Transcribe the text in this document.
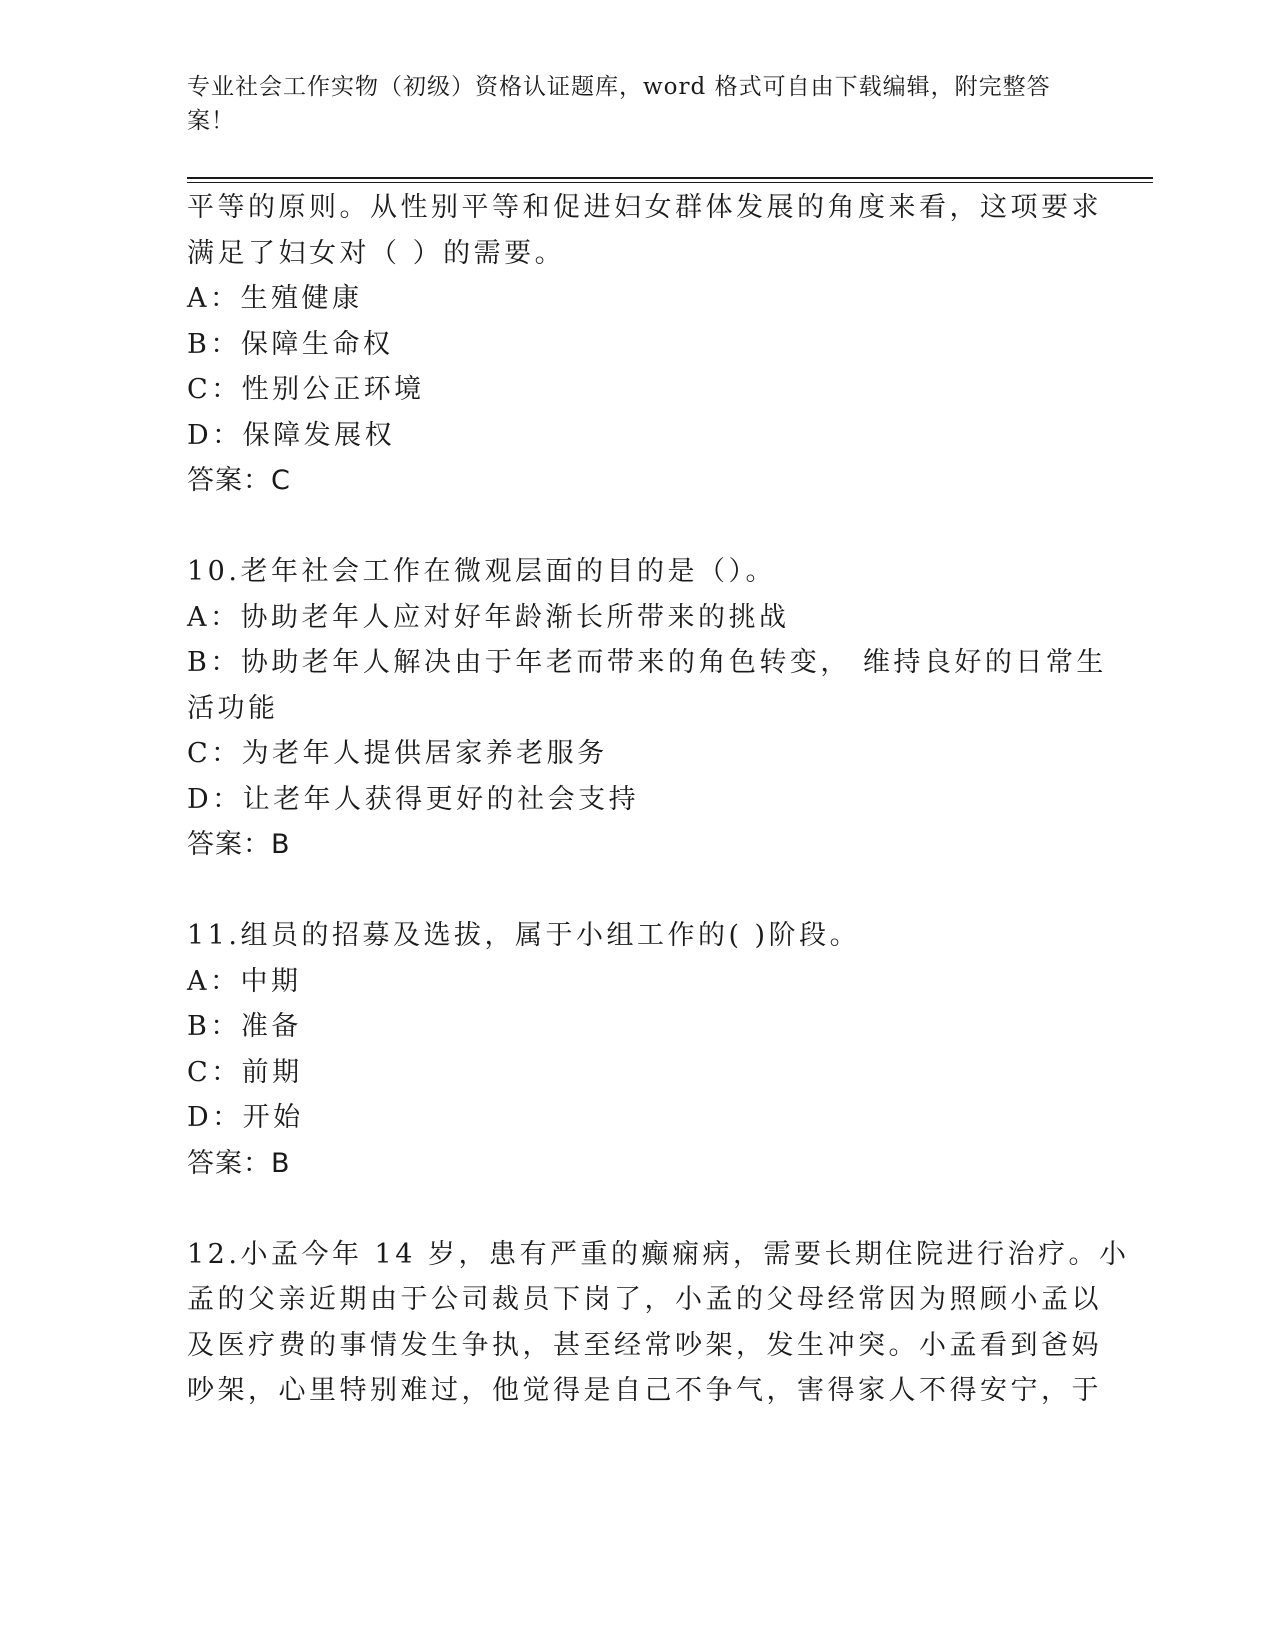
专业社会工作实物（初级）资格认证题库，word 格式可自由下载编辑，附完整答
案！
平等的原则。从性别平等和促进妇女群体发展的角度来看，这项要求
满足了妇女对（ ）的需要。
A：生殖健康
B：保障生命权
C：性别公正环境
D：保障发展权
答案：C
10.老年社会工作在微观层面的目的是（）。
A：协助老年人应对好年龄渐长所带来的挑战
B：协助老年人解决由于年老而带来的角色转变， 维持良好的日常生
活功能
C：为老年人提供居家养老服务
D：让老年人获得更好的社会支持
答案：B
11.组员的招募及选拔，属于小组工作的( )阶段。
A：中期
B：准备
C：前期
D：开始
答案：B
12.小孟今年 14 岁，患有严重的癫痫病，需要长期住院进行治疗。小
孟的父亲近期由于公司裁员下岗了，小孟的父母经常因为照顾小孟以
及医疗费的事情发生争执，甚至经常吵架，发生冲突。小孟看到爸妈
吵架，心里特别难过，他觉得是自己不争气，害得家人不得安宁，于
